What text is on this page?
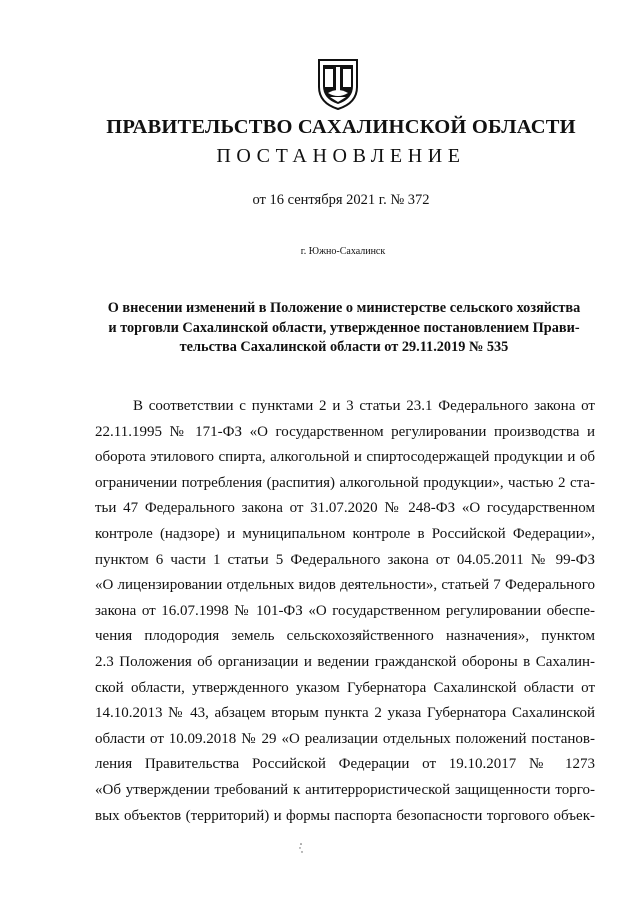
ПРАВИТЕЛЬСТВО САХАЛИНСКОЙ ОБЛАСТИ
ПОСТАНОВЛЕНИЕ
от 16 сентября 2021 г. № 372
г. Южно-Сахалинск
О внесении изменений в Положение о министерстве сельского хозяйства
и торговли Сахалинской области, утвержденное постановлением Прави-
тельства Сахалинской области от 29.11.2019 № 535
В соответствии с пунктами 2 и 3 статьи 23.1 Федерального закона от
22.11.1995 № 171-ФЗ «О государственном регулировании производства и
оборота этилового спирта, алкогольной и спиртосодержащей продукции и об
ограничении потребления (распития) алкогольной продукции», частью 2 ста-
тьи 47 Федерального закона от 31.07.2020 № 248-ФЗ «О государственном
контроле (надзоре) и муниципальном контроле в Российской Федерации»,
пунктом 6 части 1 статьи 5 Федерального закона от 04.05.2011 № 99-ФЗ
«О лицензировании отдельных видов деятельности», статьей 7 Федерального
закона от 16.07.1998 № 101-ФЗ «О государственном регулировании обеспе-
чения плодородия земель сельскохозяйственного назначения», пунктом
2.3 Положения об организации и ведении гражданской обороны в Сахалин-
ской области, утвержденного указом Губернатора Сахалинской области от
14.10.2013 № 43, абзацем вторым пункта 2 указа Губернатора Сахалинской
области от 10.09.2018 № 29 «О реализации отдельных положений постанов-
ления Правительства Российской Федерации от 19.10.2017 № 1273
«Об утверждении требований к антитеррористической защищенности торго-
вых объектов (территорий) и формы паспорта безопасности торгового объек-
